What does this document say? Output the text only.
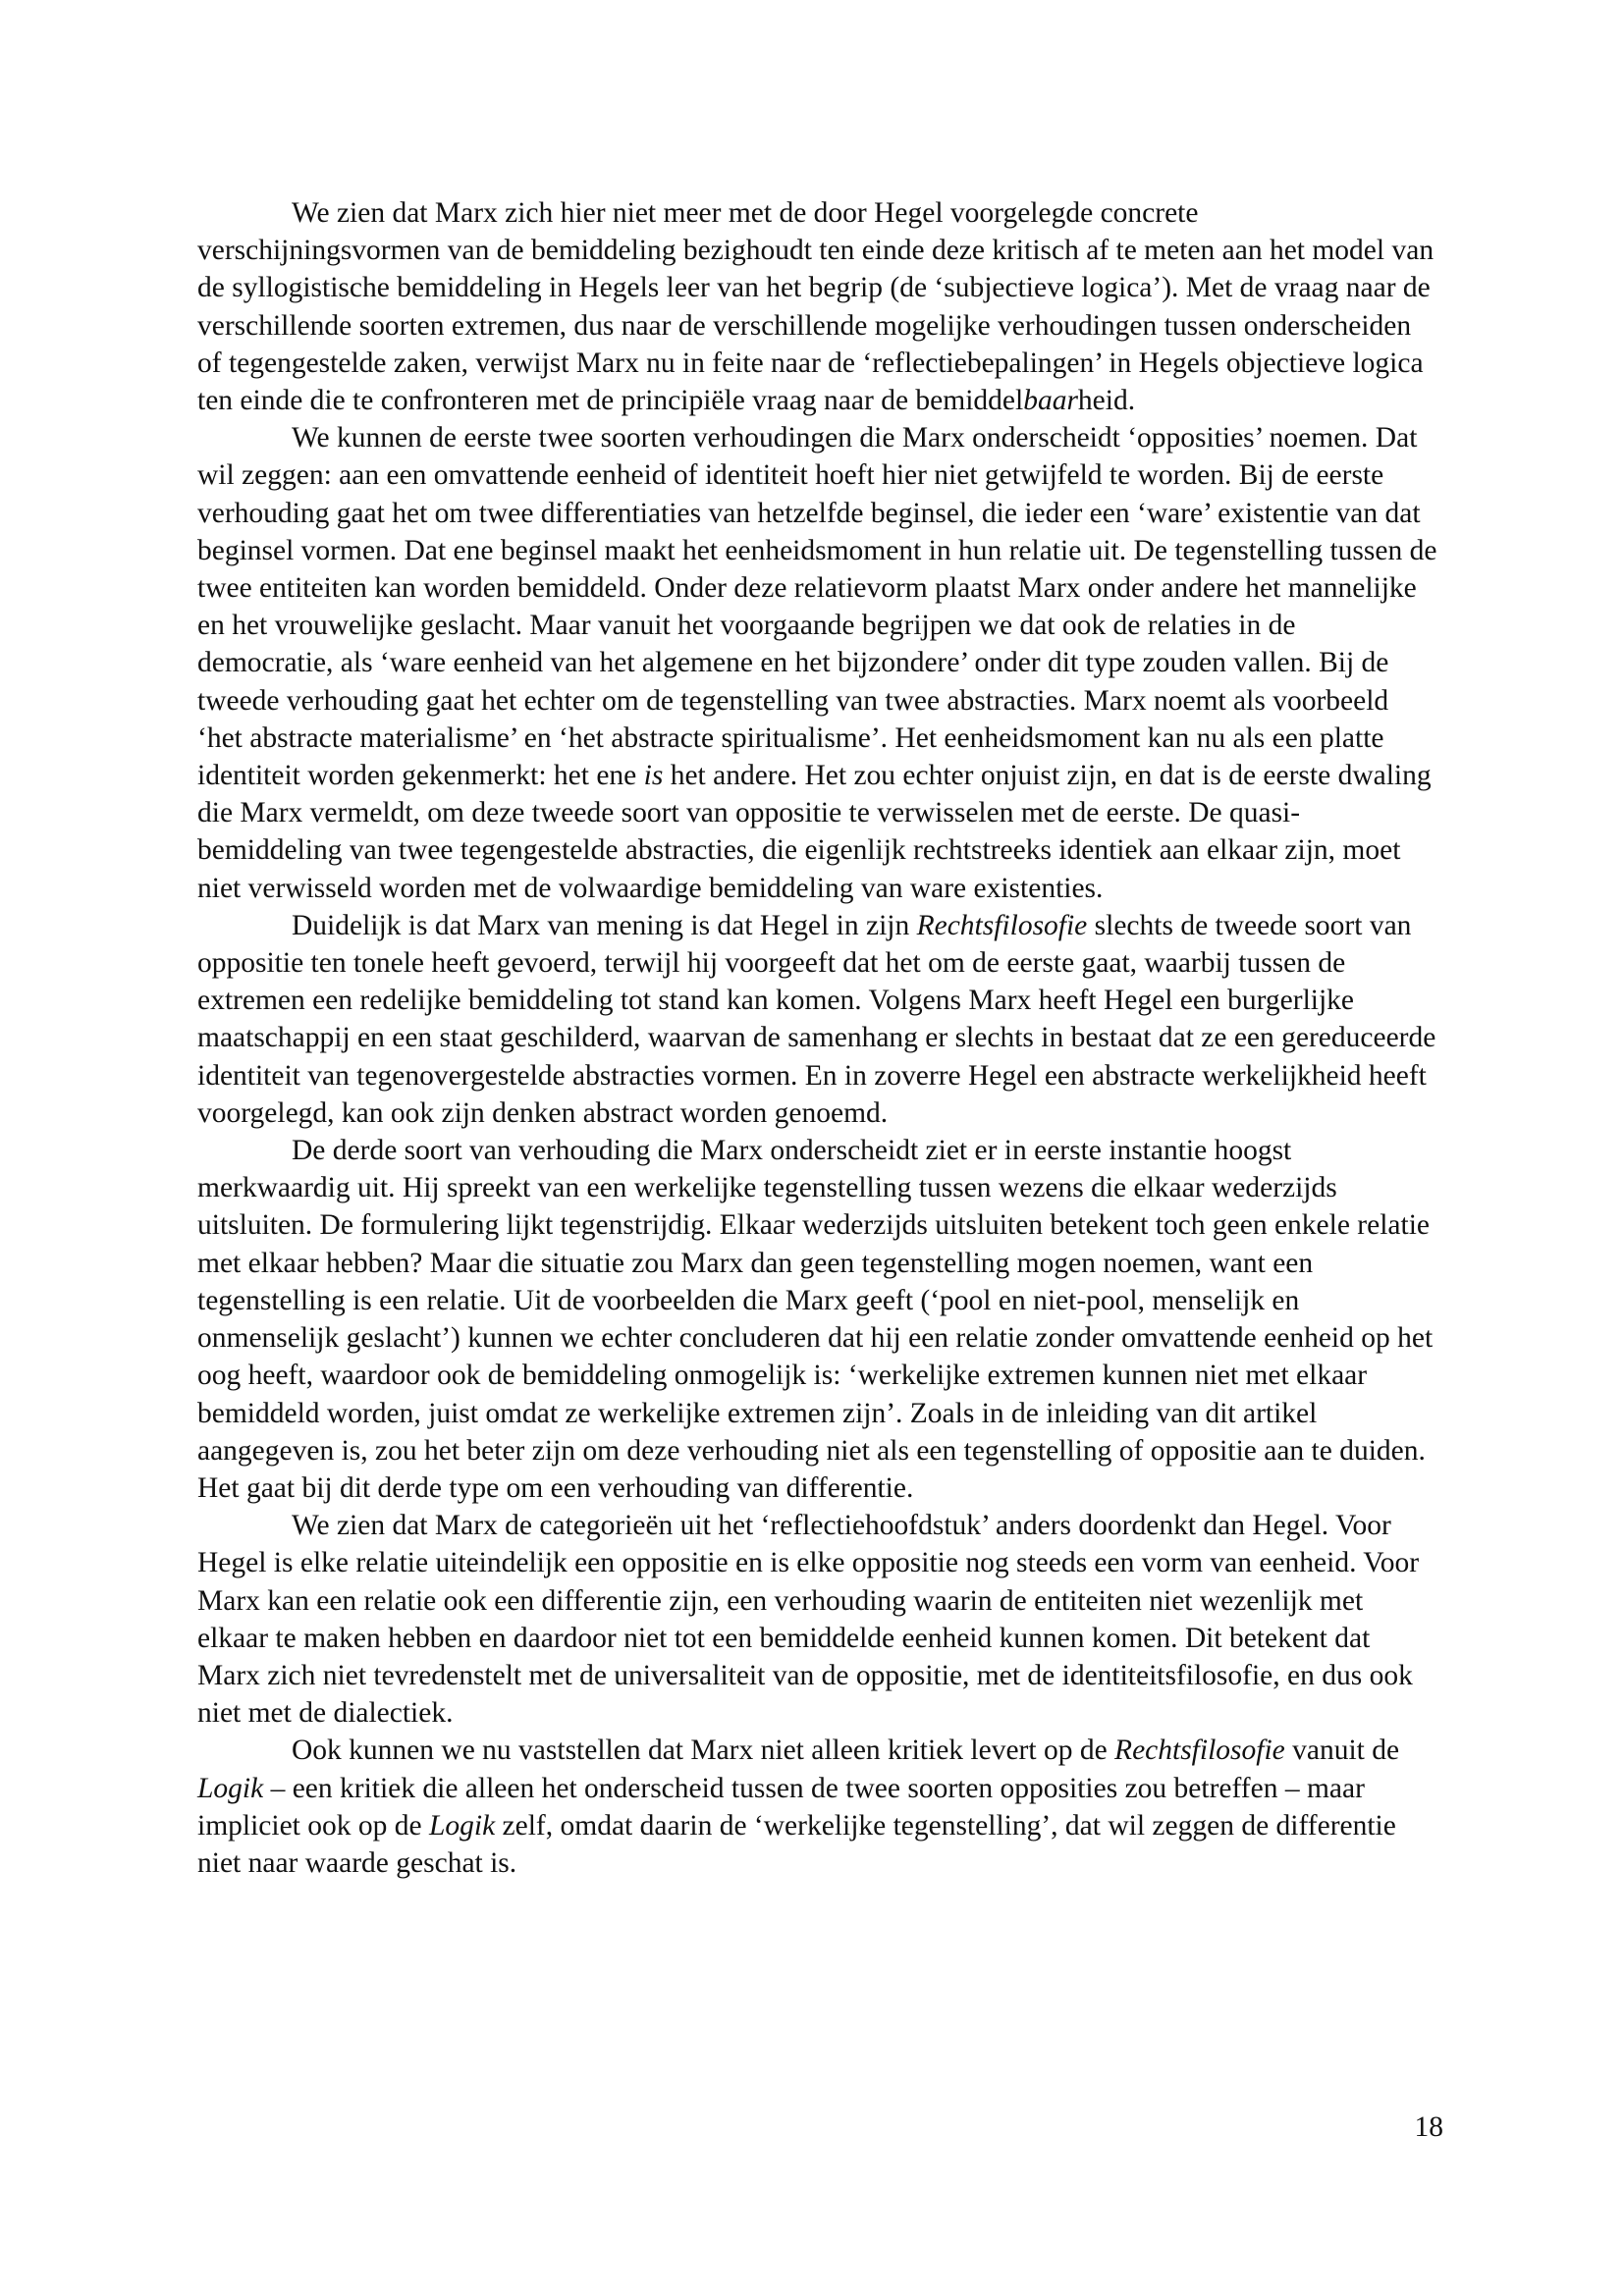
We zien dat Marx zich hier niet meer met de door Hegel voorgelegde concrete verschijningsvormen van de bemiddeling bezighoudt ten einde deze kritisch af te meten aan het model van de syllogistische bemiddeling in Hegels leer van het begrip (de ‘subjectieve logica’). Met de vraag naar de verschillende soorten extremen, dus naar de verschillende mogelijke verhoudingen tussen onderscheiden of tegengestelde zaken, verwijst Marx nu in feite naar de ‘reflectiebepalingen’ in Hegels objectieve logica ten einde die te confronteren met de principiële vraag naar de bemiddelbaarheid.

We kunnen de eerste twee soorten verhoudingen die Marx onderscheidt ‘opposities’ noemen. Dat wil zeggen: aan een omvattende eenheid of identiteit hoeft hier niet getwijfeld te worden. Bij de eerste verhouding gaat het om twee differentiaties van hetzelfde beginsel, die ieder een ‘ware’ existentie van dat beginsel vormen. Dat ene beginsel maakt het eenheidsmoment in hun relatie uit. De tegenstelling tussen de twee entiteiten kan worden bemiddeld. Onder deze relatievorm plaatst Marx onder andere het mannelijke en het vrouwelijke geslacht. Maar vanuit het voorgaande begrijpen we dat ook de relaties in de democratie, als ‘ware eenheid van het algemene en het bijzondere’ onder dit type zouden vallen. Bij de tweede verhouding gaat het echter om de tegenstelling van twee abstracties. Marx noemt als voorbeeld ‘het abstracte materialisme’ en ‘het abstracte spiritualisme’. Het eenheidsmoment kan nu als een platte identiteit worden gekenmerkt: het ene is het andere. Het zou echter onjuist zijn, en dat is de eerste dwaling die Marx vermeldt, om deze tweede soort van oppositie te verwisselen met de eerste. De quasi-bemiddeling van twee tegengestelde abstracties, die eigenlijk rechtstreeks identiek aan elkaar zijn, moet niet verwisseld worden met de volwaardige bemiddeling van ware existenties.

Duidelijk is dat Marx van mening is dat Hegel in zijn Rechtsfilosofie slechts de tweede soort van oppositie ten tonele heeft gevoerd, terwijl hij voorgeeft dat het om de eerste gaat, waarbij tussen de extremen een redelijke bemiddeling tot stand kan komen. Volgens Marx heeft Hegel een burgerlijke maatschappij en een staat geschilderd, waarvan de samenhang er slechts in bestaat dat ze een gereduceerde identiteit van tegenovergestelde abstracties vormen. En in zoverre Hegel een abstracte werkelijkheid heeft voorgelegd, kan ook zijn denken abstract worden genoemd.

De derde soort van verhouding die Marx onderscheidt ziet er in eerste instantie hoogst merkwaardig uit. Hij spreekt van een werkelijke tegenstelling tussen wezens die elkaar wederzijds uitsluiten. De formulering lijkt tegenstrijdig. Elkaar wederzijds uitsluiten betekent toch geen enkele relatie met elkaar hebben? Maar die situatie zou Marx dan geen tegenstelling mogen noemen, want een tegenstelling is een relatie. Uit de voorbeelden die Marx geeft (‘pool en niet-pool, menselijk en onmenselijk geslacht’) kunnen we echter concluderen dat hij een relatie zonder omvattende eenheid op het oog heeft, waardoor ook de bemiddeling onmogelijk is: ‘werkelijke extremen kunnen niet met elkaar bemiddeld worden, juist omdat ze werkelijke extremen zijn’. Zoals in de inleiding van dit artikel aangegeven is, zou het beter zijn om deze verhouding niet als een tegenstelling of oppositie aan te duiden. Het gaat bij dit derde type om een verhouding van differentie.

We zien dat Marx de categorieën uit het ‘reflectiehoofdstuk’ anders doordenkt dan Hegel. Voor Hegel is elke relatie uiteindelijk een oppositie en is elke oppositie nog steeds een vorm van eenheid. Voor Marx kan een relatie ook een differentie zijn, een verhouding waarin de entiteiten niet wezenlijk met elkaar te maken hebben en daardoor niet tot een bemiddelde eenheid kunnen komen. Dit betekent dat Marx zich niet tevredenstelt met de universaliteit van de oppositie, met de identiteitsfilosofie, en dus ook niet met de dialectiek.

Ook kunnen we nu vaststellen dat Marx niet alleen kritiek levert op de Rechtsfilosofie vanuit de Logik – een kritiek die alleen het onderscheid tussen de twee soorten opposities zou betreffen – maar impliciet ook op de Logik zelf, omdat daarin de ‘werkelijke tegenstelling’, dat wil zeggen de differentie niet naar waarde geschat is.

18
